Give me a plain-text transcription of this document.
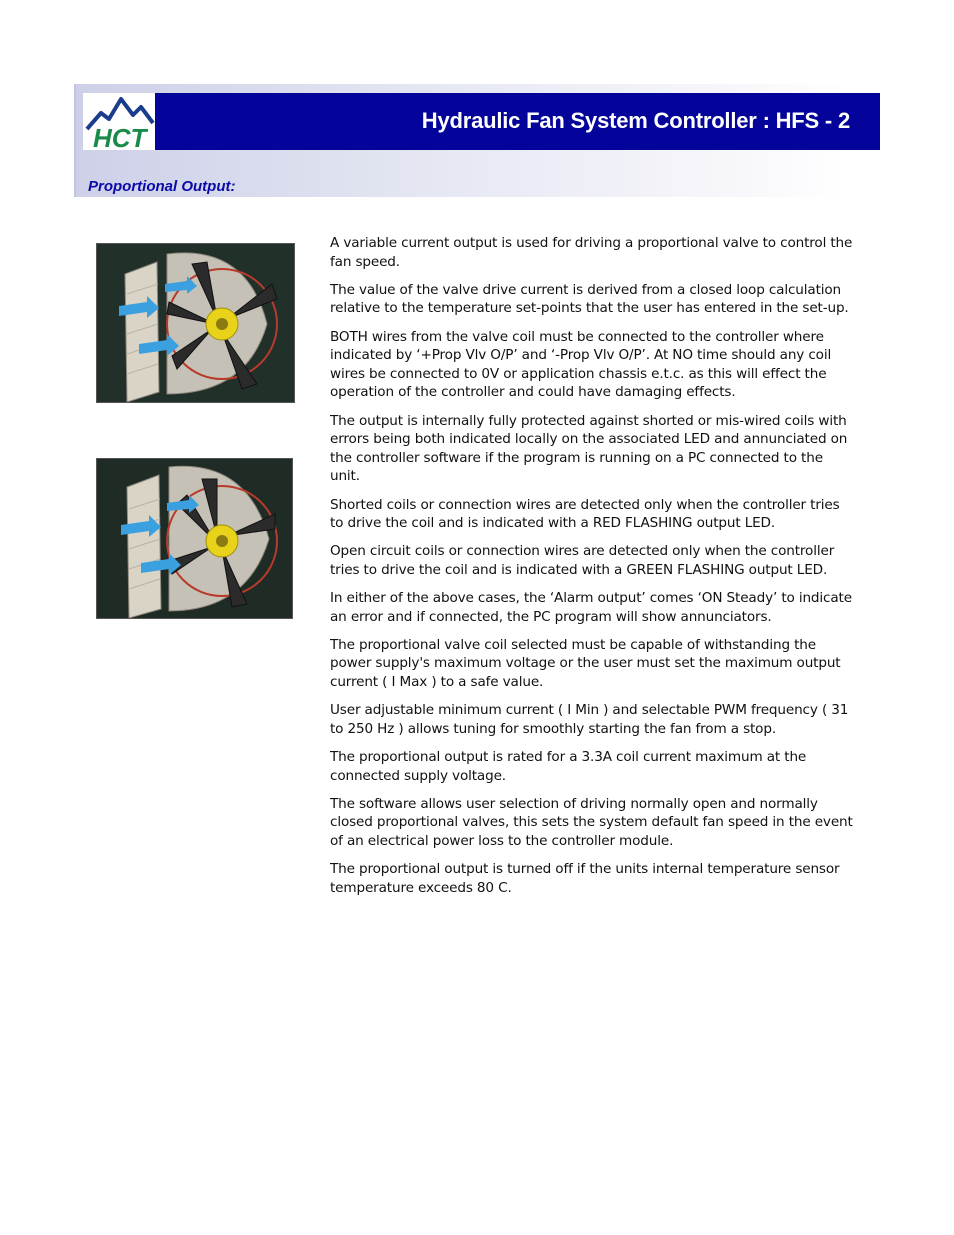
HCT
Hydraulic Fan System Controller : HFS - 2
Proportional Output:

A variable current output is used for driving a proportional valve to control the fan speed.

The value of the valve drive current is derived from a closed loop calculation relative to the temperature set-points that the user has entered in the set-up.

BOTH wires from the valve coil must be connected to the controller where indicated by ‘+Prop Vlv O/P’ and ‘-Prop Vlv O/P’. At NO time should any coil wires be connected to 0V or application chassis e.t.c. as this will effect the operation of the controller and could have damaging effects.

The output is internally fully protected against shorted or mis-wired coils with errors being both indicated locally on the associated LED and annunciated on the controller software if the program is running on a PC connected to the unit.

Shorted coils or connection wires are detected only when the controller tries to drive the coil and is indicated with a RED FLASHING output LED.

Open circuit coils or connection wires are detected only when the controller tries to drive the coil and is indicated with a GREEN FLASHING output LED.

In either of the above cases, the ‘Alarm output’ comes ‘ON Steady’ to indicate an error and if connected, the PC program will show annunciators.

The proportional valve coil selected must be capable of withstanding the power supply's maximum voltage or the user must set the maximum output current ( I Max ) to a safe value.

User adjustable minimum current ( I Min ) and selectable PWM frequency ( 31 to 250 Hz ) allows tuning for smoothly starting the fan from a stop.

The proportional output is rated for a 3.3A coil current maximum at the connected supply voltage.

The software allows user selection of driving normally open and normally closed proportional valves, this sets the system default fan speed in the event of an electrical power loss to the controller module.

The proportional output is turned off if the units internal temperature sensor temperature exceeds 80 C.
